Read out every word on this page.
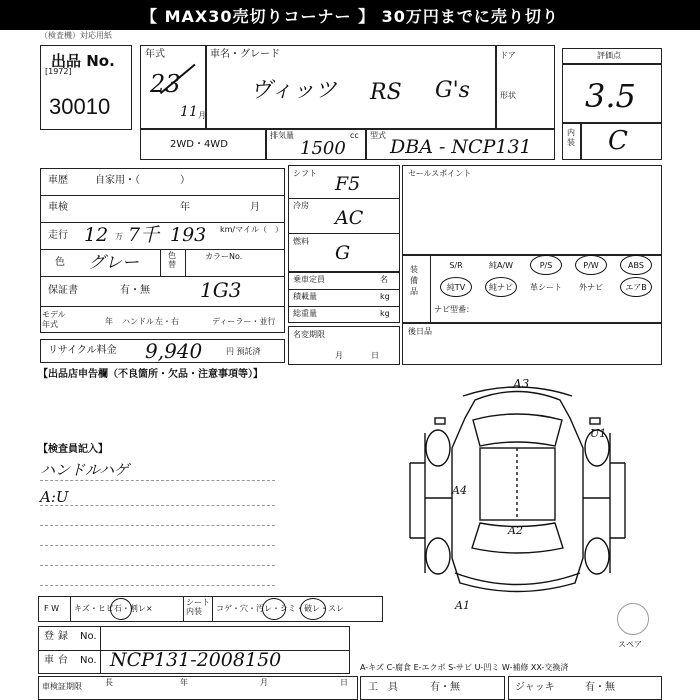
【 MAX30売切りコーナー 】 30万円までに売り切り
（検査機）対応用紙
出品 No.
[1972]
30010
年式
23
11 月
車名・グレード
ヴィッツ RS G's
ドア
形状
2WD・4WD
排気量	cc
1500
型式
DBA - NCP131
評価点
3.5
内装 C
車歴	自家用・（　　　　）
車検	年	月
走行 12 万 7千 193 km/マイル（　）
色 グレー	色替
カラーNo.
1G3
保証書	有・無
モデル年式	年 ハンドル 左・右	ディーラー・並行
リサイクル料金 9,940	円 預託済
シフト F5
冷房
AC
燃料
G
乗車定員	名
積載量	kg
総重量	kg
名変期限
月日
セールスポイント
装備品
S/R	純A/W	P/S	P/W	ABS
純TV	純ナビ	革シート	外ナビ	エアB
ナビ型番：
後日品
【出品店申告欄（不良箇所・欠品・注意事項等）】
【検査員記入】
ハンドルハゲ
A:U
A3
U1
A4
A2
A1
スペア
F W キズ・ヒビ石・割レ×
シート内装	コゲ・穴・汚レ・シミ・破レ・スレ
登録 No.
車台 No. NCP131-2008150	A-キズ C-腐食 E-エクボ S-サビ U-凹ミ W-補修 XX-交換済
車検証期限	長	年	月	日 工　具	有・無	ジャッキ	有・無
